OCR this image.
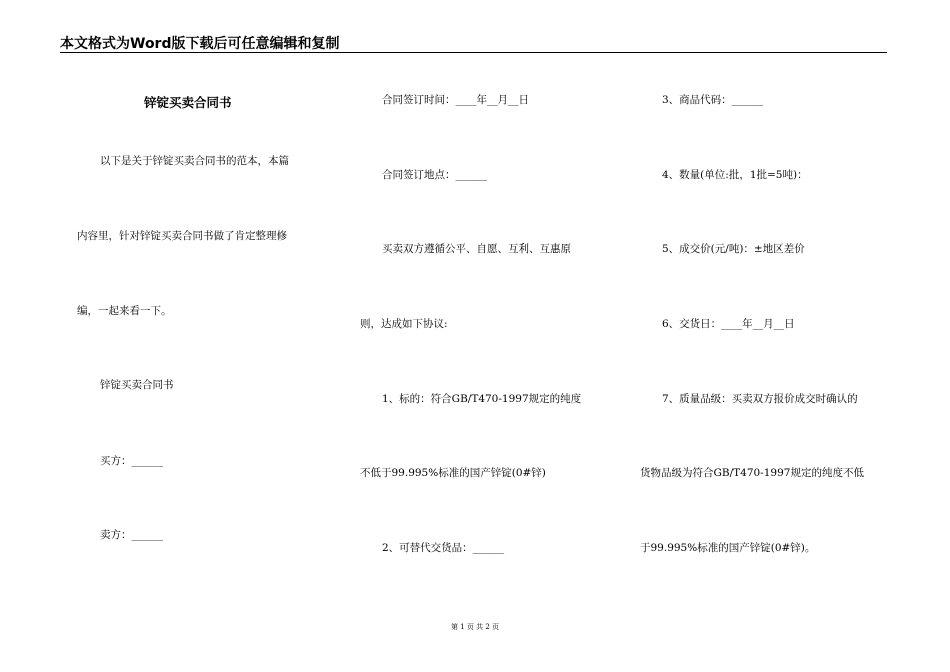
本文格式为Word版下载后可任意编辑和复制
锌锭买卖合同书
以下是关于锌锭买卖合同书的范本，本篇
内容里，针对锌锭买卖合同书做了肯定整理修
编，一起来看一下。
锌锭买卖合同书
买方：______
卖方：______
合同签订时间：____年__月__日
合同签订地点：______
买卖双方遵循公平、自愿、互利、互惠原
则，达成如下协议:
1、标的：符合GB/T470-1997规定的纯度
不低于99.995%标准的国产锌锭(0#锌)
2、可替代交货品：______
3、商品代码：______
4、数量(单位:批，1批=5吨)：
5、成交价(元/吨)：±地区差价
6、交货日：____年__月__日
7、质量品级：买卖双方报价成交时确认的
货物品级为符合GB/T470-1997规定的纯度不低
于99.995%标准的国产锌锭(0#锌)。
第 1 页 共 2 页
